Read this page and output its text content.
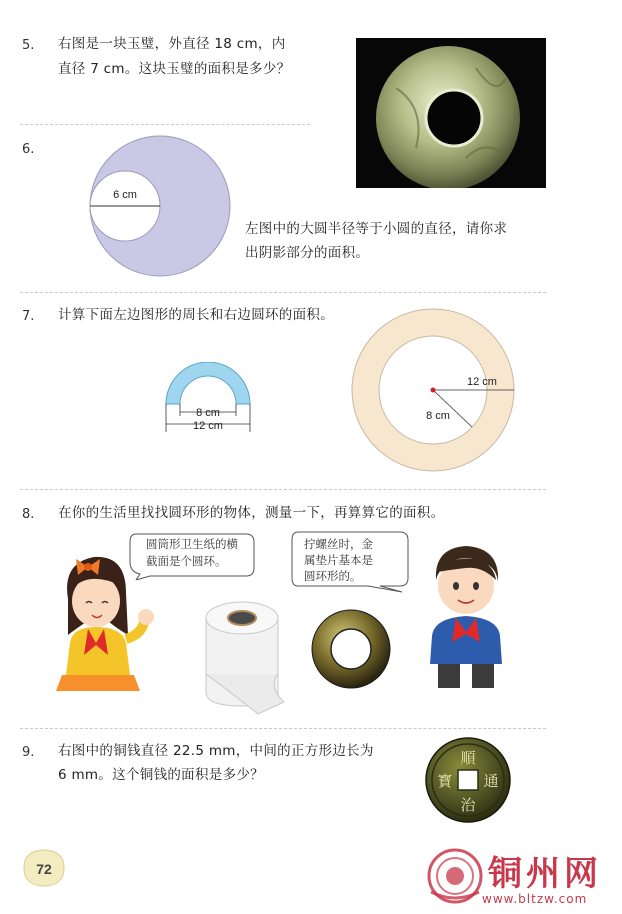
5. 右图是一块玉璧，外直径 18 cm，内
直径 7 cm。这块玉璧的面积是多少？
6.
6 cm
左图中的大圆半径等于小圆的直径，请你求
出阴影部分的面积。
7. 计算下面左边图形的周长和右边圆环的面积。
8 cm
12 cm
12 cm
8 cm
8. 在你的生活里找找圆环形的物体，测量一下，再算算它的面积。
圆筒形卫生纸的横
截面是个圆环。
拧螺丝时，金
属垫片基本是
圆环形的。
9. 右图中的铜钱直径 22.5 mm，中间的正方形边长为
6 mm。这个铜钱的面积是多少？
順
通
治
寳
72	铜州网
www.bltzw.com
